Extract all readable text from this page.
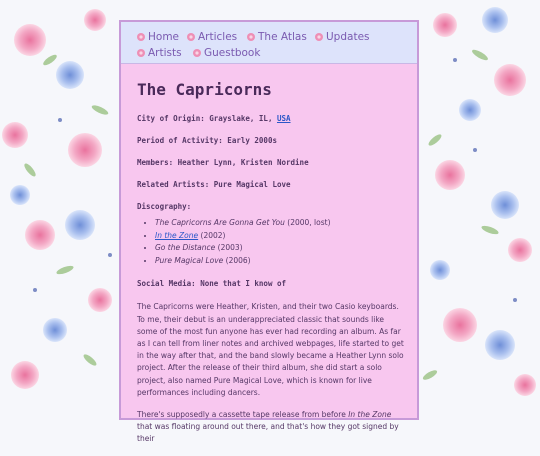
Home	Articles	The Atlas	Updates
Artists	Guestbook
The Capricorns

City of Origin: Grayslake, IL, USA

Period of Activity: Early 2000s

Members: Heather Lynn, Kristen Nordine

Related Artists: Pure Magical Love

Discography:

• The Capricorns Are Gonna Get You (2000, lost)
• In the Zone (2002)
• Go the Distance (2003)
• Pure Magical Love (2006)

Social Media: None that I know of

The Capricorns were Heather, Kristen, and their two Casio keyboards. To me, their debut is an underappreciated classic that sounds like some of the most fun anyone has ever had recording an album. As far as I can tell from liner notes and archived webpages, life started to get in the way after that, and the band slowly became a Heather Lynn solo project. After the release of their third album, she did start a solo project, also named Pure Magical Love, which is known for live performances including dancers.

There's supposedly a cassette tape release from before In the Zone that was floating around out there, and that's how they got signed by their
